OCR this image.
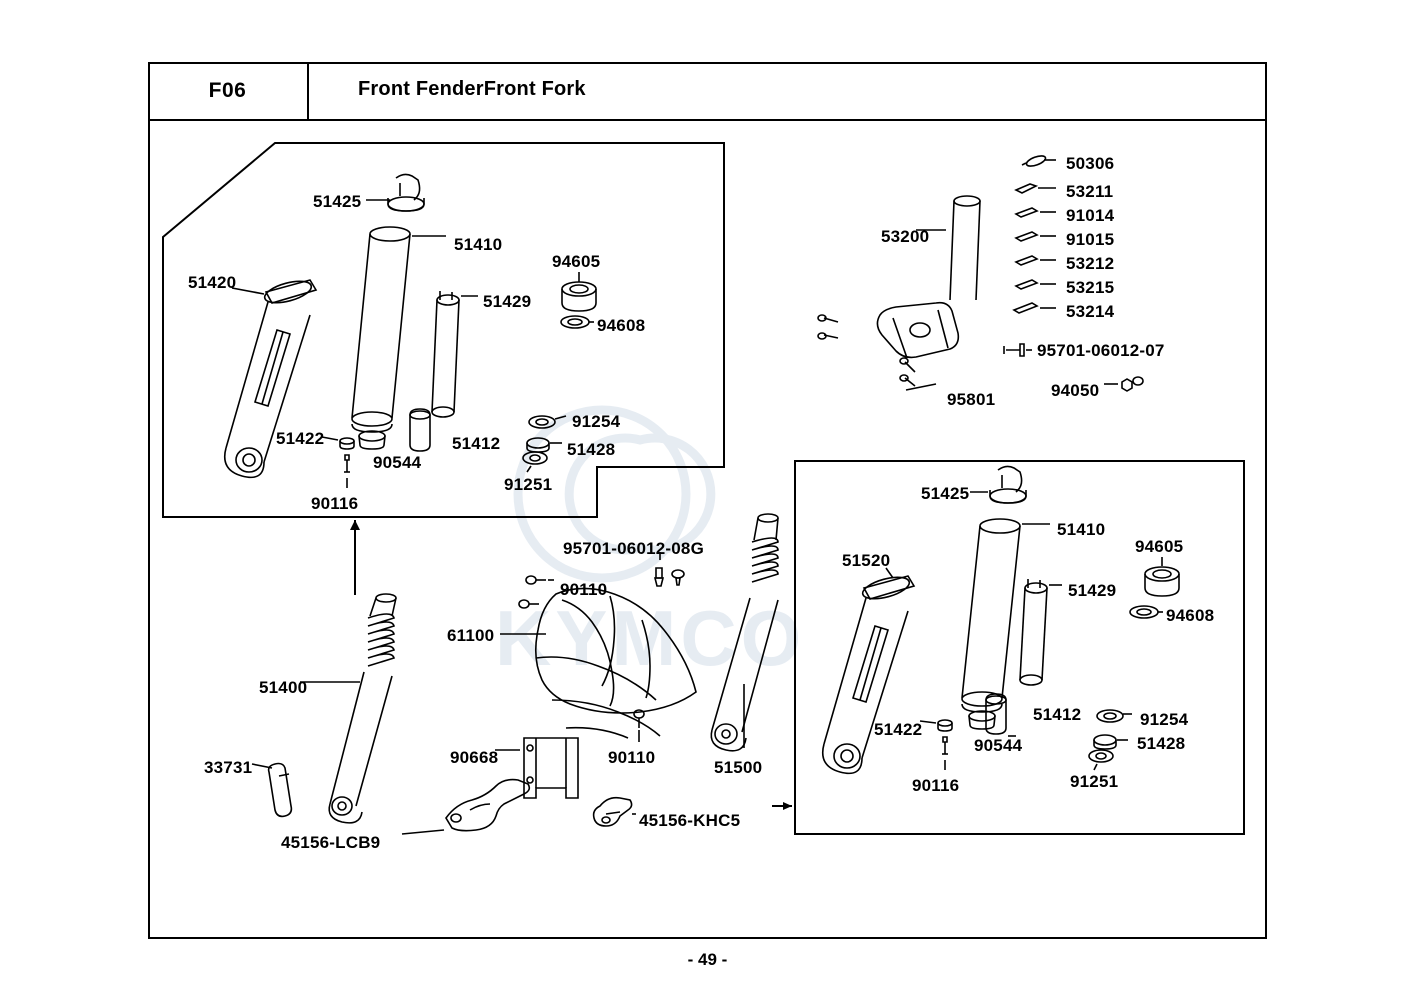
F06	Front FenderFront Fork
KYMCO
51425
51410
94605
51420
51429
94608
51422
90544
51412
91254
51428
91251
90116
50306
53211
91014
91015
53212
53215
53214
53200
95701-06012-07
94050
95801
95701-06012-08G
90110
61100
51400
33731
90668	90110
51500
45156-LCB9
45156-KHC5
51425
51410
94605
51520
51429
94608
51422
51412	91254
90544	51428
91251
90116
- 49 -
